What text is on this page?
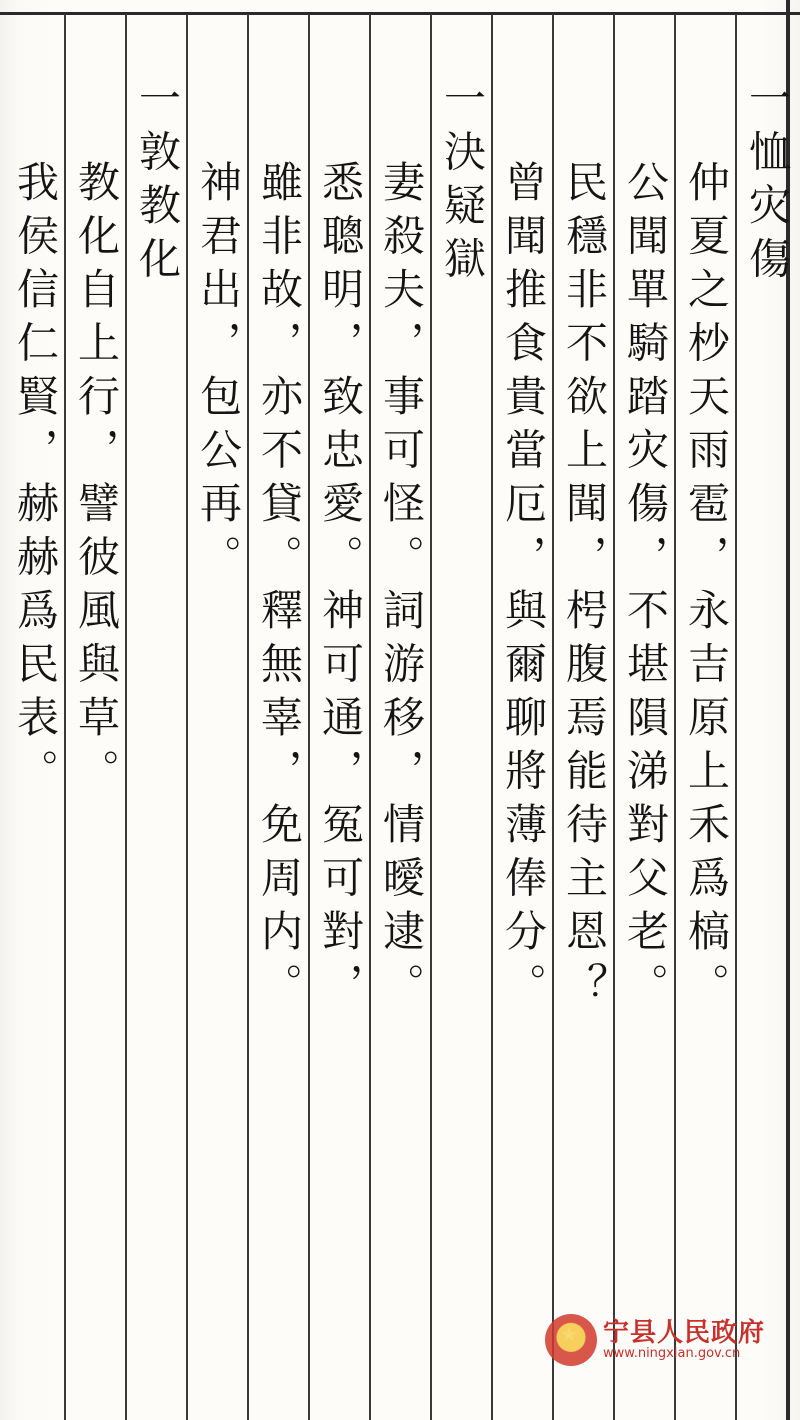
一恤灾傷
仲夏之杪天雨雹，永吉原上禾爲槁。
公聞單騎踏灾傷，不堪隕涕對父老。
民穩非不欲上聞，枵腹焉能待主恩？
曾聞推食貴當厄，與爾聊將薄俸分。
一決疑獄
妻殺夫，事可怪。詞游移，情曖逮。
悉聰明，致忠愛。神可通，冤可對，
雖非故，亦不貸。釋無辜，免周内。
神君出，包公再。
一敦教化
教化自上行，譬彼風與草。
我侯信仁賢，赫赫爲民表。
★
宁县人民政府
www.ningxian.gov.cn
